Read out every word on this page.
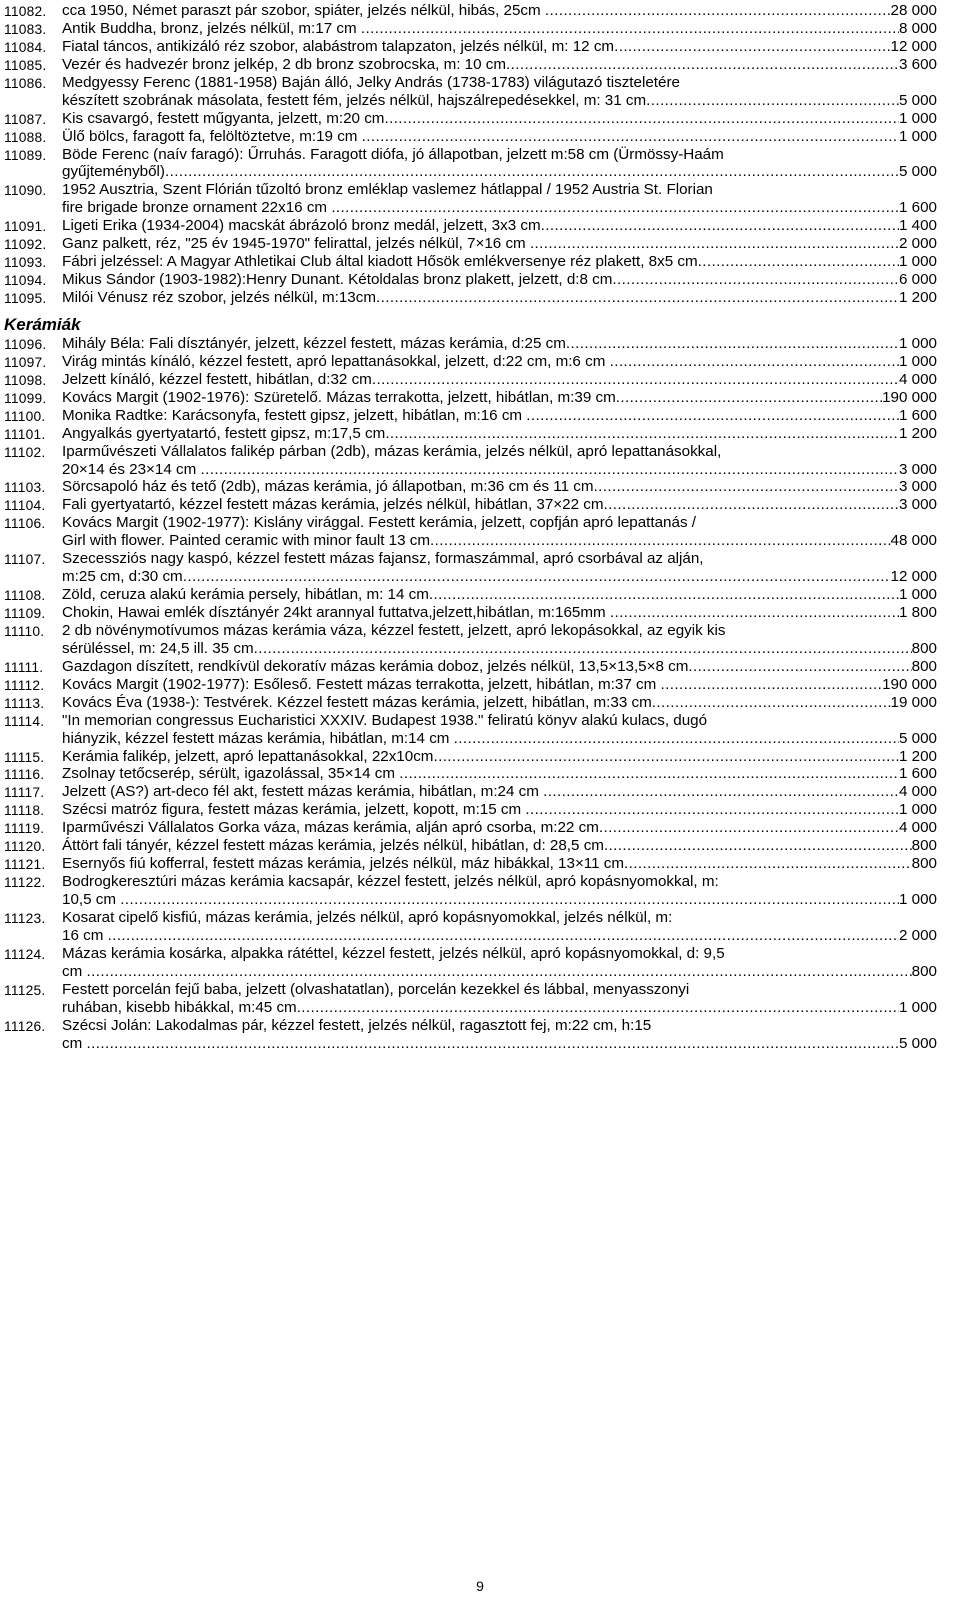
11082. cca 1950, Német paraszt pár szobor, spiáter, jelzés nélkül, hibás, 25cm .....	28 000
11083. Antik Buddha, bronz, jelzés nélkül, m:17 cm .....	8 000
11084. Fiatal táncos, antikizáló réz szobor, alabástrom talapzaton, jelzés nélkül, m: 12 cm .....	12 000
11085. Vezér és hadvezér bronz jelkép, 2 db bronz szobrocska, m: 10 cm .....	3 600
11086. Medgyessy Ferenc (1881-1958) Baján álló, Jelky András (1738-1783) világutazó tiszteletére
készített szobrának másolata, festett fém, jelzés nélkül, hajszálrepedésekkel, m: 31 cm .....	5 000
11087. Kis csavargó, festett műgyanta, jelzett, m:20 cm .....	1 000
11088. Ülő bölcs, faragott fa, felöltöztetve, m:19 cm .....	1 000
11089. Böde Ferenc (naív faragó): Űrruhás. Faragott diófa, jó állapotban, jelzett m:58 cm (Ürmössy-Haám
gyűjteményből) .....	5 000
11090. 1952 Ausztria, Szent Flórián tűzoltó bronz emléklap vaslemez hátlappal / 1952 Austria St. Florian
fire brigade bronze ornament 22x16 cm .....	1 600
11091. Ligeti Erika (1934-2004) macskát ábrázoló bronz medál, jelzett, 3x3 cm .....	1 400
11092. Ganz palkett, réz, "25 év 1945-1970" felirattal, jelzés nélkül, 7×16 cm .....	2 000
11093. Fábri jelzéssel: A Magyar Athletikai Club által kiadott Hősök emlékversenye réz plakett, 8x5 cm .....	1 000
11094. Mikus Sándor (1903-1982):Henry Dunant. Kétoldalas bronz plakett, jelzett, d:8 cm .....	6 000
11095. Milói Vénusz réz szobor, jelzés nélkül, m:13cm .....	1 200
Kerámiák
11096. Mihály Béla: Fali dísztányér, jelzett, kézzel festett, mázas kerámia, d:25 cm .....	1 000
11097. Virág mintás kínáló, kézzel festett, apró lepattanásokkal, jelzett, d:22 cm, m:6 cm .....	1 000
11098. Jelzett kínáló, kézzel festett, hibátlan, d:32 cm .....	4 000
11099. Kovács Margit (1902-1976): Szüretelő. Mázas terrakotta, jelzett, hibátlan, m:39 cm .....	190 000
11100. Monika Radtke: Karácsonyfa, festett gipsz, jelzett, hibátlan, m:16 cm .....	1 600
11101. Angyalkás gyertyatartó, festett gipsz, m:17,5 cm .....	1 200
11102. Iparművészeti Vállalatos falikép párban (2db), mázas kerámia, jelzés nélkül, apró lepattanásokkal,
20×14 és 23×14 cm .....	3 000
11103. Sörcsapoló ház és tető (2db), mázas kerámia, jó állapotban, m:36 cm és 11 cm .....	3 000
11104. Fali gyertyatartó, kézzel festett mázas kerámia, jelzés nélkül, hibátlan, 37×22 cm .....	3 000
11106. Kovács Margit (1902-1977): Kislány virággal. Festett kerámia, jelzett, copfján apró lepattanás /
Girl with flower. Painted ceramic with minor fault 13 cm .....	48 000
11107. Szecessziós nagy kaspó, kézzel festett mázas fajansz, formaszámmal, apró csorbával az alján,
m:25 cm, d:30 cm .....	12 000
11108. Zöld, ceruza alakú kerámia persely, hibátlan, m: 14 cm .....	1 000
11109. Chokin, Hawai emlék dísztányér 24kt arannyal futtatva,jelzett,hibátlan, m:165mm .....	1 800
11110. 2 db növénymotívumos mázas kerámia váza, kézzel festett, jelzett, apró lekopásokkal, az egyik kis
sérüléssel, m: 24,5 ill. 35 cm .....	800
11111. Gazdagon díszített, rendkívül dekoratív mázas kerámia doboz, jelzés nélkül, 13,5×13,5×8 cm .....	800
11112. Kovács Margit (1902-1977): Esőleső. Festett mázas terrakotta, jelzett, hibátlan, m:37 cm .....	190 000
11113. Kovács Éva (1938-): Testvérek. Kézzel festett mázas kerámia, jelzett, hibátlan, m:33 cm .....	19 000
11114. "In memorian congressus Eucharistici XXXIV. Budapest 1938." feliratú könyv alakú kulacs, dugó
hiányzik, kézzel festett mázas kerámia, hibátlan, m:14 cm .....	5 000
11115. Kerámia falikép, jelzett, apró lepattanásokkal, 22x10cm .....	1 200
11116. Zsolnay tetőcserép, sérült, igazolással, 35×14 cm .....	1 600
11117. Jelzett (AS?) art-deco fél akt, festett mázas kerámia, hibátlan, m:24 cm .....	4 000
11118. Szécsi matróz figura, festett mázas kerámia, jelzett, kopott, m:15 cm .....	1 000
11119. Iparművészi Vállalatos Gorka váza, mázas kerámia, alján apró csorba, m:22 cm .....	4 000
11120. Áttört fali tányér, kézzel festett mázas kerámia, jelzés nélkül, hibátlan, d: 28,5 cm .....	800
11121. Esernyős fiú kofferral, festett mázas kerámia, jelzés nélkül, máz hibákkal, 13×11 cm .....	800
11122. Bodrogkeresztúri mázas kerámia kacsapár, kézzel festett, jelzés nélkül, apró kopásnyomokkal, m:
10,5 cm .....	1 000
11123. Kosarat cipelő kisfiú, mázas kerámia, jelzés nélkül, apró kopásnyomokkal, jelzés nélkül, m:
16 cm .....	2 000
11124. Mázas kerámia kosárka, alpakka rátéttel, kézzel festett, jelzés nélkül, apró kopásnyomokkal, d: 9,5
cm .....	800
11125. Festett porcelán fejű baba, jelzett (olvashatatlan), porcelán kezekkel és lábbal, menyasszonyi
ruhában, kisebb hibákkal, m:45 cm .....	1 000
11126. Szécsi Jolán: Lakodalmas pár, kézzel festett, jelzés nélkül, ragasztott fej, m:22 cm, h:15
cm .....	5 000
9
